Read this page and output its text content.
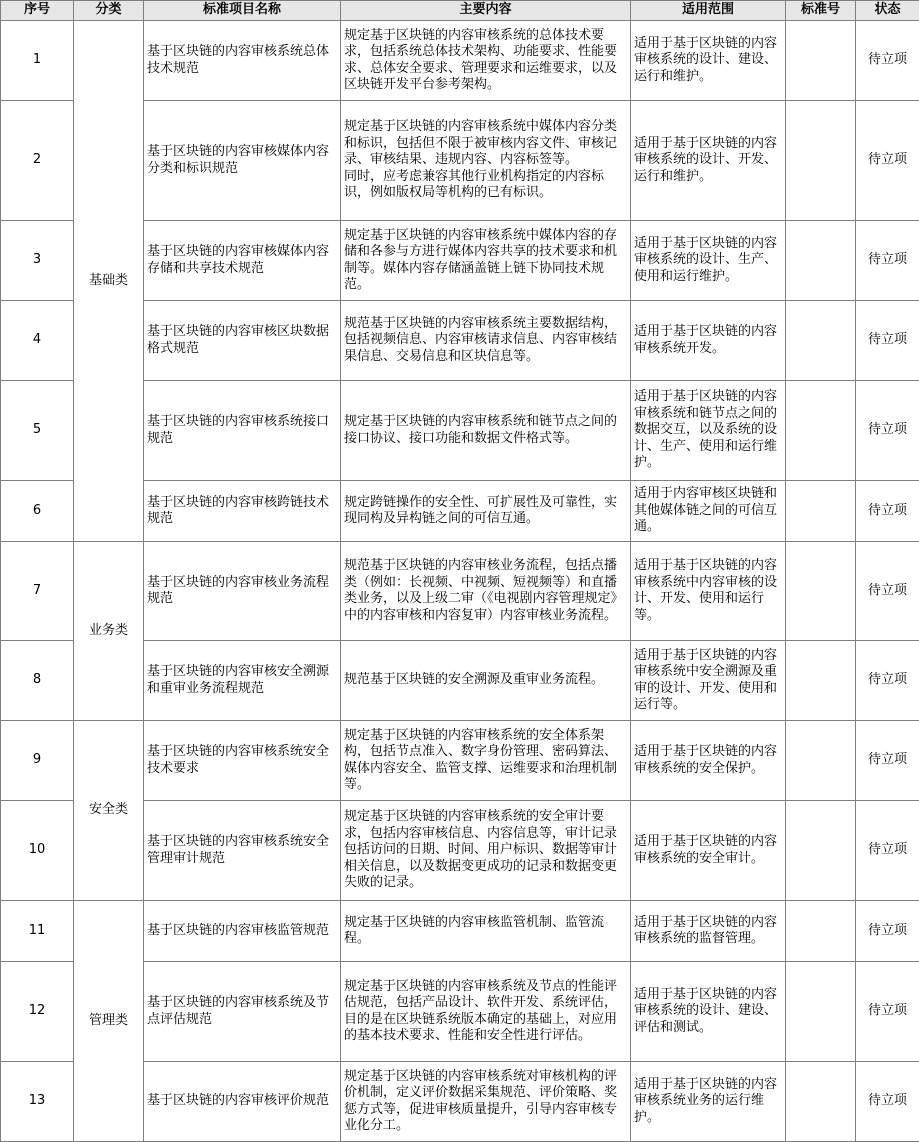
序号	分类	标准项目名称	主要内容	适用范围	标准号	状态
1	基础类	基于区块链的内容审核系统总体技术规范	规定基于区块链的内容审核系统的总体技术要求，包括系统总体技术架构、功能要求、性能要求、总体安全要求、管理要求和运维要求，以及区块链开发平台参考架构。	适用于基于区块链的内容审核系统的设计、建设、运行和维护。		待立项
2		基于区块链的内容审核媒体内容分类和标识规范	规定基于区块链的内容审核系统中媒体内容分类和标识，包括但不限于被审核内容文件、审核记录、审核结果、违规内容、内容标签等。
同时，应考虑兼容其他行业机构指定的内容标识，例如版权局等机构的已有标识。	适用于基于区块链的内容审核系统的设计、开发、运行和维护。		待立项
3		基于区块链的内容审核媒体内容存储和共享技术规范	规定基于区块链的内容审核系统中媒体内容的存储和各参与方进行媒体内容共享的技术要求和机制等。媒体内容存储涵盖链上链下协同技术规范。	适用于基于区块链的内容审核系统的设计、生产、使用和运行维护。		待立项
4		基于区块链的内容审核区块数据格式规范	规范基于区块链的内容审核系统主要数据结构，包括视频信息、内容审核请求信息、内容审核结果信息、交易信息和区块信息等。	适用于基于区块链的内容审核系统开发。		待立项
5		基于区块链的内容审核系统接口规范	规定基于区块链的内容审核系统和链节点之间的接口协议、接口功能和数据文件格式等。	适用于基于区块链的内容审核系统和链节点之间的数据交互，以及系统的设计、生产、使用和运行维护。		待立项
6		基于区块链的内容审核跨链技术规范	规定跨链操作的安全性、可扩展性及可靠性，实现同构及异构链之间的可信互通。	适用于内容审核区块链和其他媒体链之间的可信互通。		待立项
7	业务类	基于区块链的内容审核业务流程规范	规范基于区块链的内容审核业务流程，包括点播类（例如：长视频、中视频、短视频等）和直播类业务，以及上级二审（《电视剧内容管理规定》中的内容审核和内容复审）内容审核业务流程。	适用于基于区块链的内容审核系统中内容审核的设计、开发、使用和运行等。		待立项
8		基于区块链的内容审核安全溯源和重审业务流程规范	规范基于区块链的安全溯源及重审业务流程。	适用于基于区块链的内容审核系统中安全溯源及重审的设计、开发、使用和运行等。		待立项
9	安全类	基于区块链的内容审核系统安全技术要求	规定基于区块链的内容审核系统的安全体系架构，包括节点准入、数字身份管理、密码算法、媒体内容安全、监管支撑、运维要求和治理机制等。	适用于基于区块链的内容审核系统的安全保护。		待立项
10		基于区块链的内容审核系统安全管理审计规范	规定基于区块链的内容审核系统的安全审计要求，包括内容审核信息、内容信息等，审计记录包括访问的日期、时间、用户标识、数据等审计相关信息，以及数据变更成功的记录和数据变更失败的记录。	适用于基于区块链的内容审核系统的安全审计。		待立项
11	管理类	基于区块链的内容审核监管规范	规定基于区块链的内容审核监管机制、监管流程。	适用于基于区块链的内容审核系统的监督管理。		待立项
12		基于区块链的内容审核系统及节点评估规范	规定基于区块链的内容审核系统及节点的性能评估规范，包括产品设计、软件开发、系统评估，目的是在区块链系统版本确定的基础上，对应用的基本技术要求、性能和安全性进行评估。	适用于基于区块链的内容审核系统的设计、建设、评估和测试。		待立项
13		基于区块链的内容审核评价规范	规定基于区块链的内容审核系统对审核机构的评价机制，定义评价数据采集规范、评价策略、奖惩方式等，促进审核质量提升，引导内容审核专业化分工。	适用于基于区块链的内容审核系统业务的运行维护。		待立项
